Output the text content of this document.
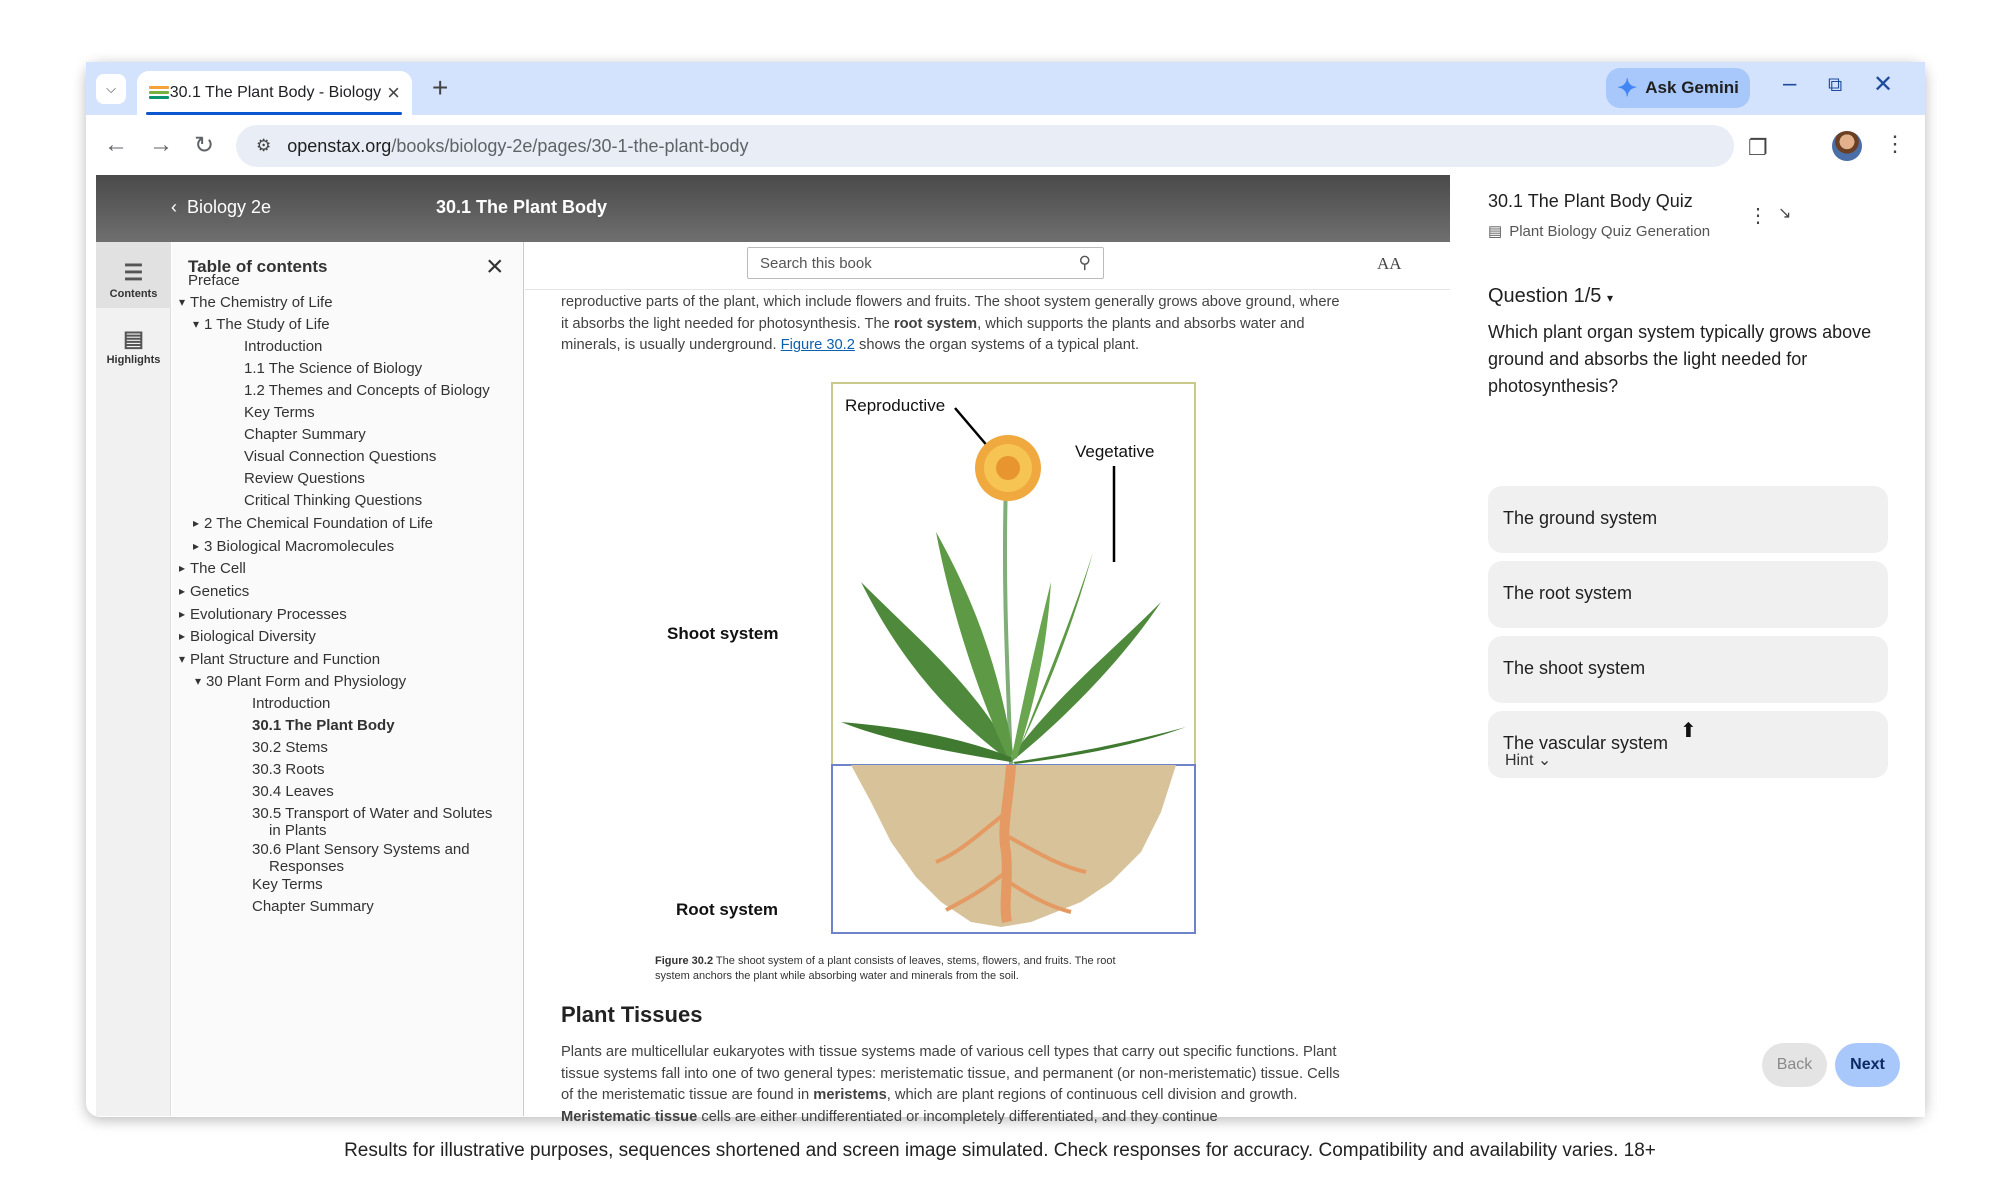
⌵	30.1 The Plant Body - Biology × +	✦ Ask Gemini – ⧉ ✕
← → ↻ ⚙ openstax.org /books/biology-2e/pages/30-1-the-plant-body	❐	⋮
‹  Biology 2e	30.1 The Plant Body
☰
Contents
▤
Highlights
Table of contents	×
Preface
▾ The Chemistry of Life
▾ 1 The Study of Life
Introduction
1.1 The Science of Biology
1.2 Themes and Concepts of Biology
Key Terms
Chapter Summary
Visual Connection Questions
Review Questions
Critical Thinking Questions
▸ 2 The Chemical Foundation of Life
▸ 3 Biological Macromolecules
▸ The Cell
▸ Genetics
▸ Evolutionary Processes
▸ Biological Diversity
▾ Plant Structure and Function
▾ 30 Plant Form and Physiology
Introduction
30.1 The Plant Body
30.2 Stems
30.3 Roots
30.4 Leaves
30.5 Transport of Water and Solutes
in Plants
30.6 Plant Sensory Systems and
Responses
Key Terms
Chapter Summary
Search this book	⚲	AA
reproductive parts of the plant, which include flowers and fruits. The shoot system generally grows above ground, where it absorbs the light needed for photosynthesis. The root system, which supports the plants and absorbs water and minerals, is usually underground. Figure 30.2 shows the organ systems of a typical plant.
Reproductive
Vegetative
Shoot system
Root system
Figure 30.2 The shoot system of a plant consists of leaves, stems, flowers, and fruits. The root system anchors the plant while absorbing water and minerals from the soil.
Plant Tissues
Plants are multicellular eukaryotes with tissue systems made of various cell types that carry out specific functions. Plant tissue systems fall into one of two general types: meristematic tissue, and permanent (or non-meristematic) tissue. Cells of the meristematic tissue are found in meristems, which are plant regions of continuous cell division and growth. Meristematic tissue cells are either undifferentiated or incompletely differentiated, and they continue
30.1 The Plant Body Quiz
▤ Plant Biology Quiz Generation
⋮ ↘
Question 1/5 ▾
Which plant organ system typically grows above ground and absorbs the light needed for photosynthesis?
The ground system
The root system
The shoot system
The vascular system
Hint ⌄
Back	Next
⬆
Results for illustrative purposes, sequences shortened and screen image simulated. Check responses for accuracy. Compatibility and availability varies. 18+
